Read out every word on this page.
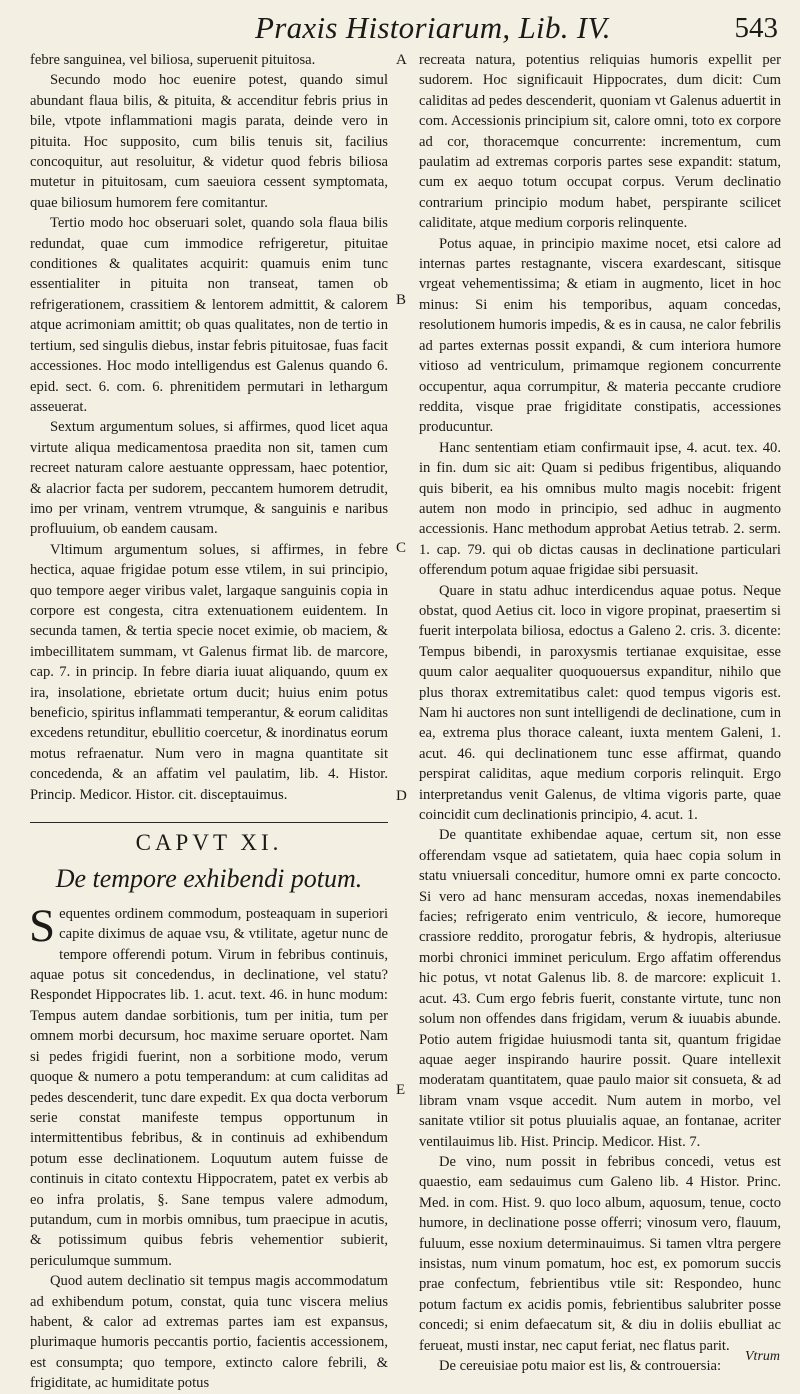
Praxis Historiarum, Lib. IV.	543

febre sanguinea, vel biliosa, superuenit pituitosa.

Secundo modo hoc euenire potest, quando simul abundant flaua bilis, & pituita, & accenditur febris prius in bile, vtpote inflammationi magis parata, deinde vero in pituita. Hoc supposito, cum bilis tenuis sit, facilius concoquitur, aut resoluitur, & videtur quod febris biliosa mutetur in pituitosam, cum saeuiora cessent symptomata, quae biliosum humorem fere comitantur.

Tertio modo hoc obseruari solet, quando sola flaua bilis redundat, quae cum immodice refrigeretur, pituitae conditiones & qualitates acquirit: quamuis enim tunc essentialiter in pituita non transeat, tamen ob refrigerationem, crassitiem & lentorem admittit, & calorem atque acrimoniam amittit; ob quas qualitates, non de tertio in tertium, sed singulis diebus, instar febris pituitosae, fuas facit accessiones. Hoc modo intelligendus est Galenus quando 6. epid. sect. 6. com. 6. phrenitidem permutari in lethargum asseuerat.

Sextum argumentum solues, si affirmes, quod licet aqua virtute aliqua medicamentosa praedita non sit, tamen cum recreet naturam calore aestuante oppressam, haec potentior, & alacrior facta per sudorem, peccantem humorem detrudit, imo per vrinam, ventrem vtrumque, & sanguinis e naribus profluuium, ob eandem causam.

Vltimum argumentum solues, si affirmes, in febre hectica, aquae frigidae potum esse vtilem, in sui principio, quo tempore aeger viribus valet, largaque sanguinis copia in corpore est congesta, citra extenuationem euidentem. In secunda tamen, & tertia specie nocet eximie, ob maciem, & imbecillitatem summam, vt Galenus firmat lib. de marcore, cap. 7. in princip. In febre diaria iuuat aliquando, quum ex ira, insolatione, ebrietate ortum ducit; huius enim potus beneficio, spiritus inflammati temperantur, & eorum caliditas excedens retunditur, ebullitio coercetur, & inordinatus eorum motus refraenatur. Num vero in magna quantitate sit concedenda, & an affatim vel paulatim, lib. 4. Histor. Princip. Medicor. Histor. cit. disceptauimus.

CAPVT XI.
De tempore exhibendi potum.

Sequentes ordinem commodum, posteaquam in superiori capite diximus de aquae vsu, & vtilitate, agetur nunc de tempore offerendi potum. Virum in febribus continuis, aquae potus sit concedendus, in declinatione, vel statu? Respondet Hippocrates lib. 1. acut. text. 46. in hunc modum: Tempus autem dandae sorbitionis, tum per initia, tum per omnem morbi decursum, hoc maxime seruare oportet. Nam si pedes frigidi fuerint, non a sorbitione modo, verum quoque & numero a potu temperandum: at cum caliditas ad pedes descenderit, tunc dare expedit. Ex qua docta verborum serie constat manifeste tempus opportunum in intermittentibus febribus, & in continuis ad exhibendum potum esse declinationem. Loquutum autem fuisse de continuis in citato contextu Hippocratem, patet ex verbis ab eo infra prolatis, §. Sane tempus valere admodum, putandum, cum in morbis omnibus, tum praecipue in acutis, & potissimum quibus febris vehementior subierit, periculumque summum.

Quod autem declinatio sit tempus magis accommodatum ad exhibendum potum, constat, quia tunc viscera melius habent, & calor ad extremas partes iam est expansus, plurimaque humoris peccantis portio, facientis accessionem, est consumpta; quo tempore, extincto calore febrili, & frigiditate, ac humiditate potus

A
B
C
D
E

recreata natura, potentius reliquias humoris expellit per sudorem. Hoc significauit Hippocrates, dum dicit: Cum caliditas ad pedes descenderit, quoniam vt Galenus aduertit in com. Accessionis principium sit, calore omni, toto ex corpore ad cor, thoracemque concurrente: incrementum, cum paulatim ad extremas corporis partes sese expandit: statum, cum ex aequo totum occupat corpus. Verum declinatio contrarium principio modum habet, perspirante scilicet caliditate, atque medium corporis relinquente.

Potus aquae, in principio maxime nocet, etsi calore ad internas partes restagnante, viscera exardescant, sitisque vrgeat vehementissima; & etiam in augmento, licet in hoc minus: Si enim his temporibus, aquam concedas, resolutionem humoris impedis, & es in causa, ne calor febrilis ad partes externas possit expandi, & cum interiora humore vitioso ad ventriculum, primamque regionem concurrente occupentur, aqua corrumpitur, & materia peccante crudiore reddita, visque prae frigiditate constipatis, accessiones producuntur.

Hanc sententiam etiam confirmauit ipse, 4. acut. tex. 40. in fin. dum sic ait: Quam si pedibus frigentibus, aliquando quis biberit, ea his omnibus multo magis nocebit: frigent autem non modo in principio, sed adhuc in augmento accessionis. Hanc methodum approbat Aetius tetrab. 2. serm. 1. cap. 79. qui ob dictas causas in declinatione particulari offerendum potum aquae frigidae sibi persuasit.

Quare in statu adhuc interdicendus aquae potus. Neque obstat, quod Aetius cit. loco in vigore propinat, praesertim si fuerit interpolata biliosa, edoctus a Galeno 2. cris. 3. dicente: Tempus bibendi, in paroxysmis tertianae exquisitae, esse quum calor aequaliter quoquouersus expanditur, nihilo que plus thorax extremitatibus calet: quod tempus vigoris est. Nam hi auctores non sunt intelligendi de declinatione, cum in ea, extrema plus thorace caleant, iuxta mentem Galeni, 1. acut. 46. qui declinationem tunc esse affirmat, quando perspirat caliditas, aque medium corporis relinquit. Ergo interpretandus venit Galenus, de vltima vigoris parte, quae coincidit cum declinationis principio, 4. acut. 1.

De quantitate exhibendae aquae, certum sit, non esse offerendam vsque ad satietatem, quia haec copia solum in statu vniuersali conceditur, humore omni ex parte concocto. Si vero ad hanc mensuram accedas, noxas inemendabiles facies; refrigerato enim ventriculo, & iecore, humoreque crassiore reddito, prorogatur febris, & hydropis, alteriusue morbi chronici imminet periculum. Ergo affatim offerendus hic potus, vt notat Galenus lib. 8. de marcore: explicuit 1. acut. 43. Cum ergo febris fuerit, constante virtute, tunc non solum non offendes dans frigidam, verum & iuuabis abunde. Potio autem frigidae huiusmodi tanta sit, quantum frigidae aquae aeger inspirando haurire possit. Quare intellexit moderatam quantitatem, quae paulo maior sit consueta, & ad libram vnam vsque accedit. Num autem in morbo, vel sanitate vtilior sit potus pluuialis aquae, an fontanae, acriter ventilauimus lib. Hist. Princip. Medicor. Hist. 7.

De vino, num possit in febribus concedi, vetus est quaestio, eam sedauimus cum Galeno lib. 4 Histor. Princ. Med. in com. Hist. 9. quo loco album, aquosum, tenue, cocto humore, in declinatione posse offerri; vinosum vero, flauum, fuluum, esse noxium determinauimus. Si tamen vltra pergere insistas, num vinum pomatum, hoc est, ex pomorum succis prae confectum, febrientibus vtile sit: Respondeo, hunc potum factum ex acidis pomis, febrientibus salubriter posse concedi; si enim defaecatum sit, & diu in doliis ebulliat ac ferueat, musti instar, nec caput feriat, nec flatus parit.

De cereuisiae potu maior est lis, & controuersia:

Vtrum
